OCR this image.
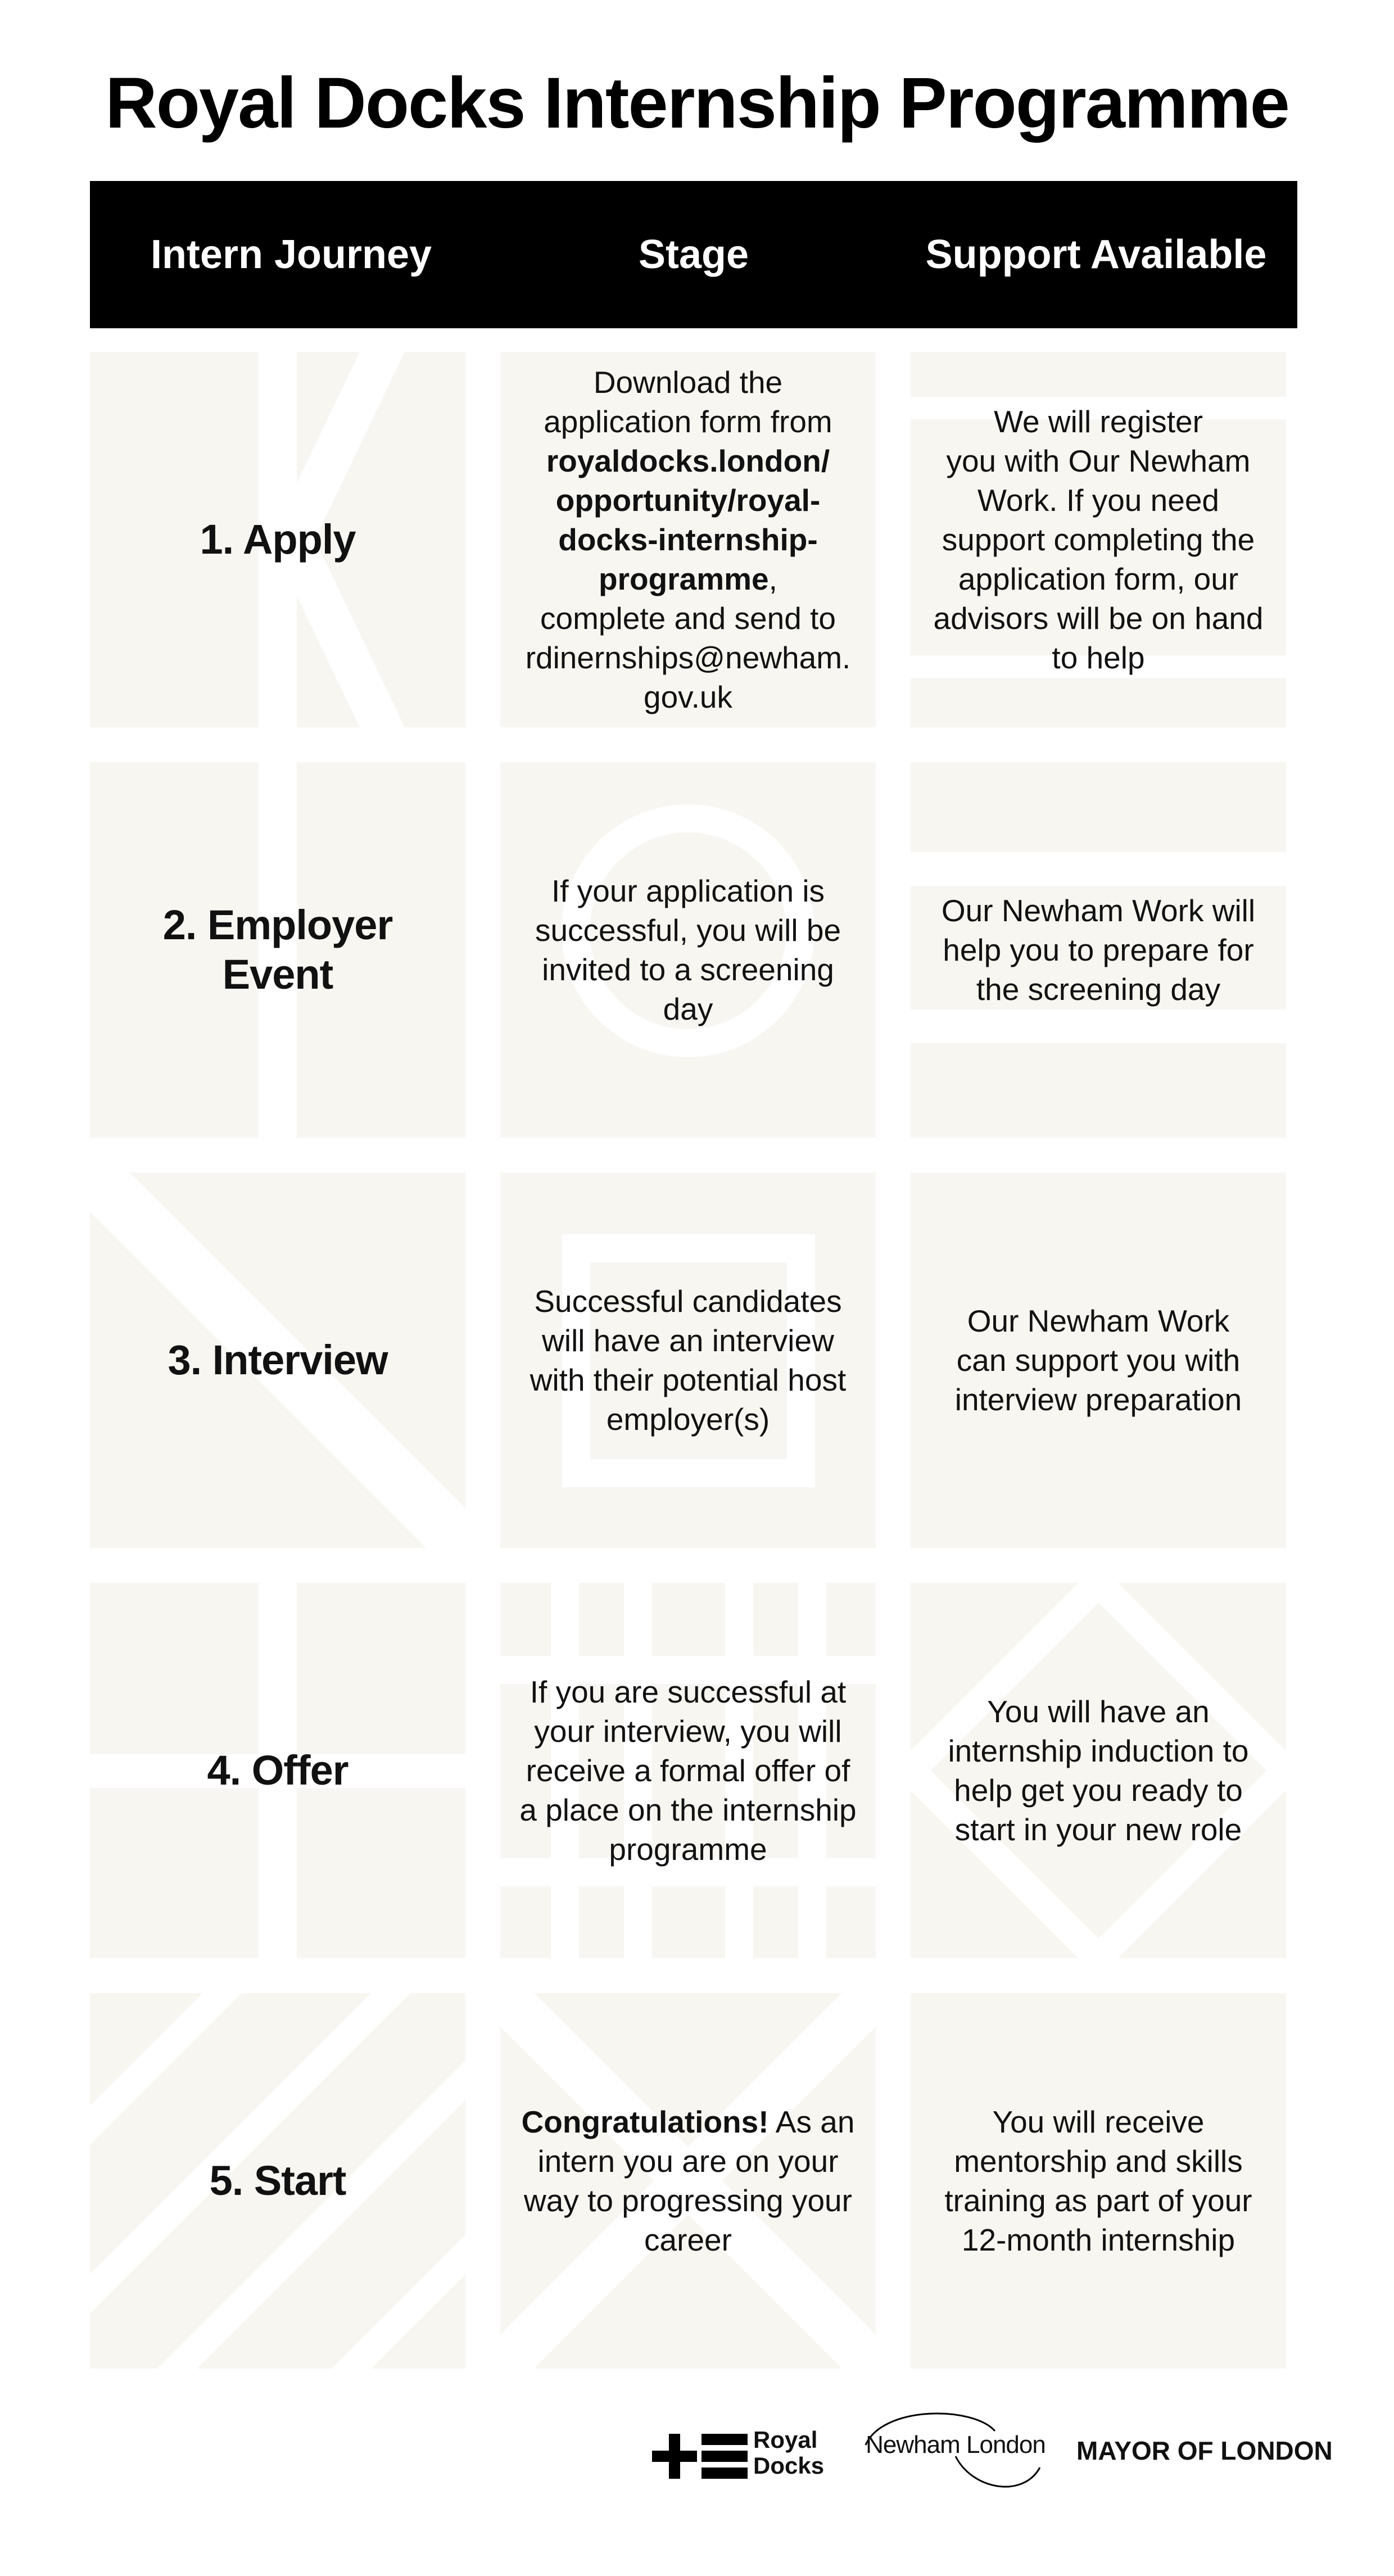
Royal Docks Internship Programme
Intern Journey	Stage	Support Available
1. Apply
Download the
application form from
royaldocks.london/
opportunity/royal-
docks-internship-
programme,
complete and send to
rdinernships@newham.
gov.uk
We will register
you with Our Newham
Work. If you need
support completing the
application form, our
advisors will be on hand
to help
2. Employer
Event
If your application is
successful, you will be
invited to a screening
day
Our Newham Work will
help you to prepare for
the screening day
3. Interview
Successful candidates
will have an interview
with their potential host
employer(s)
Our Newham Work
can support you with
interview preparation
4. Offer
If you are successful at
your interview, you will
receive a formal offer of
a place on the internship
programme
You will have an
internship induction to
help get you ready to
start in your new role
5. Start
Congratulations! As an
intern you are on your
way to progressing your
career
You will receive
mentorship and skills
training as part of your
12-month internship
Royal
Docks
Newham London MAYOR OF LONDON
